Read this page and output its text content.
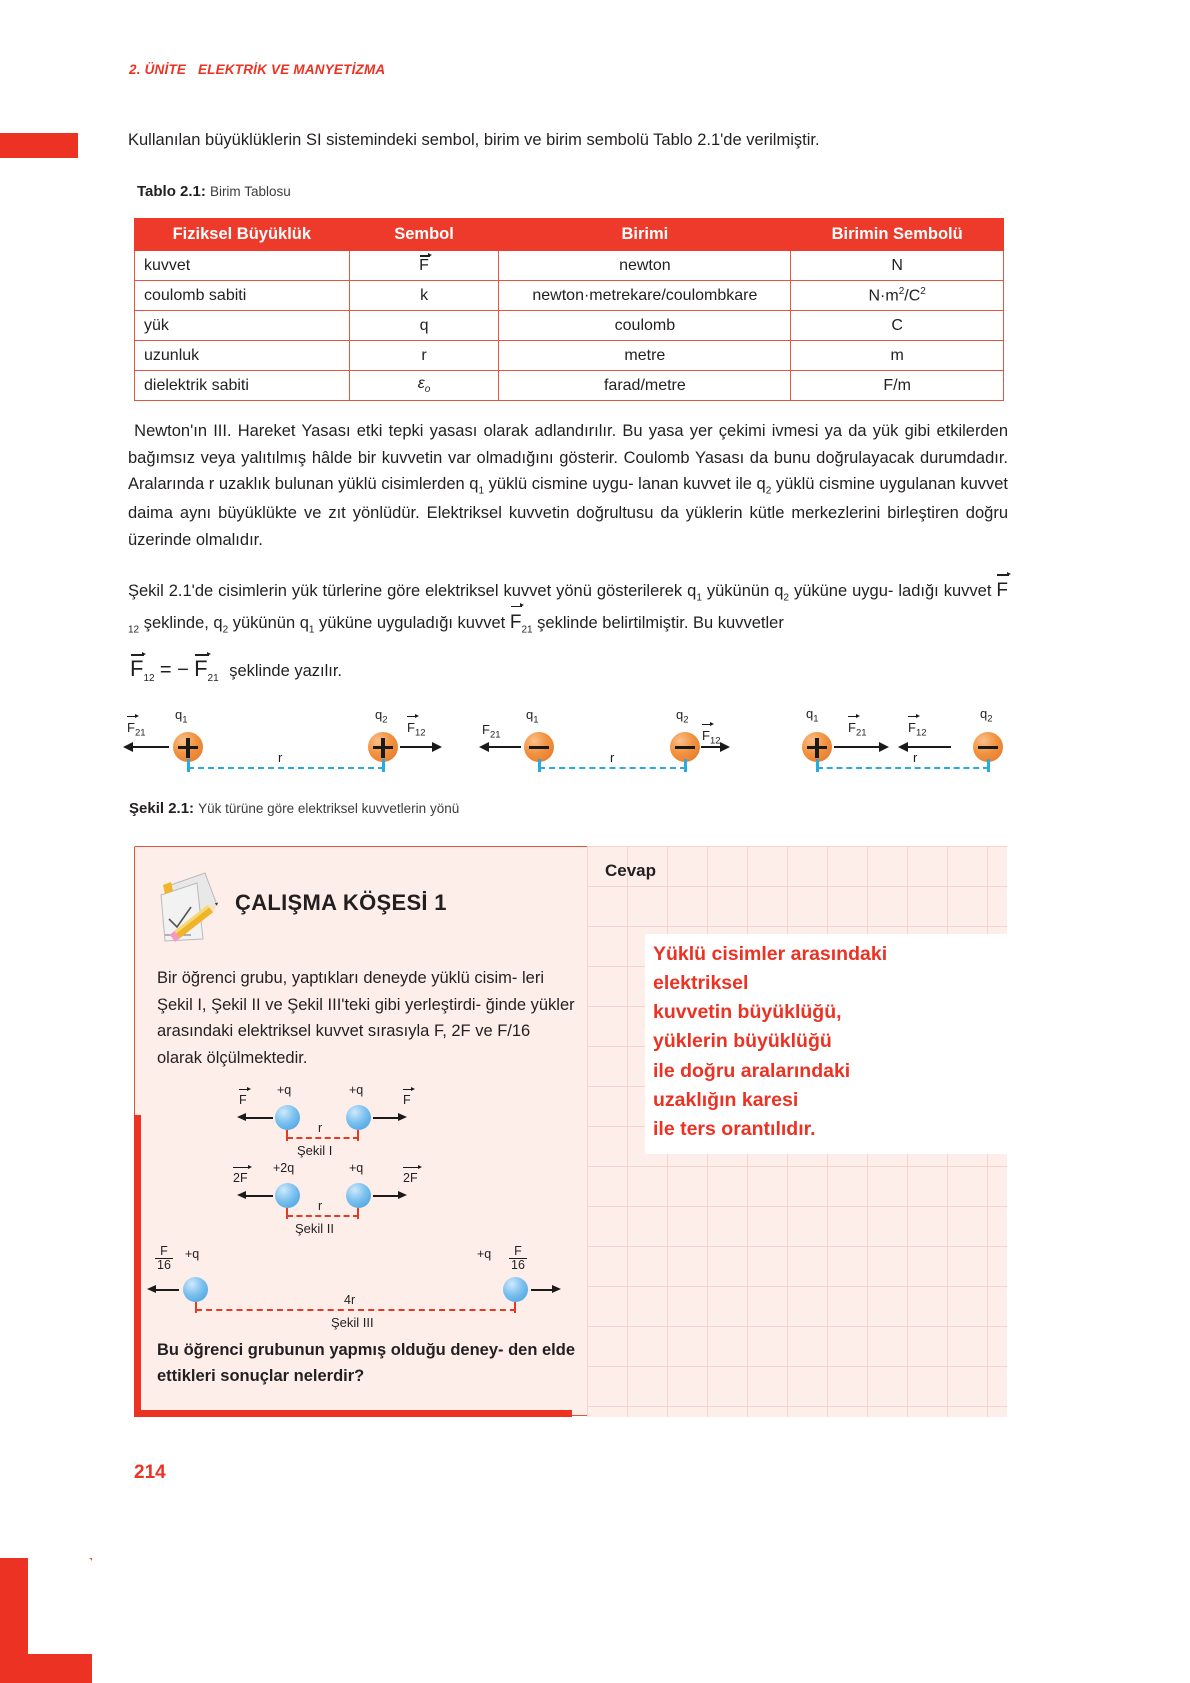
2. ÜNİTE   ELEKTRİK VE MANYETİZMA
Kullanılan büyüklüklerin SI sistemindeki sembol, birim ve birim sembolü Tablo 2.1'de verilmiştir.
Tablo 2.1: Birim Tablosu
Fiziksel Büyüklük	Sembol	Birimi	Birimin Sembolü
kuvvet	F	newton	N
coulomb sabiti	k	newton·metrekare/coulombkare	$N\cdot m^2/C^2$
yük	q	coulomb	C
uzunluk	r	metre	m
dielektrik sabiti	$\varepsilon_o$	farad/metre	F/m
Newton'ın III. Hareket Yasası etki tepki yasası olarak adlandırılır. Bu yasa yer çekimi ivmesi ya da yük gibi etkilerden bağımsız veya yalıtılmış hâlde bir kuvvetin var olmadığını gösterir. Coulomb Yasası da bunu doğrulayacak durumdadır. Aralarında r uzaklık bulunan yüklü cisimlerden $q_1$ yüklü cismine uygu- lanan kuvvet ile $q_2$ yüklü cismine uygulanan kuvvet daima aynı büyüklükte ve zıt yönlüdür. Elektriksel kuvvetin doğrultusu da yüklerin kütle merkezlerini birleştiren doğru üzerinde olmalıdır.
Şekil 2.1'de cisimlerin yük türlerine göre elektriksel kuvvet yönü gösterilerek $q_1$ yükünün $q_2$ yüküne uygu- ladığı kuvvet $F_{12}$ şeklinde, $q_2$ yükünün $q_1$ yüküne uyguladığı kuvvet $F_{21}$ şeklinde belirtilmiştir. Bu kuvvetler
$F_{12}$ = − $F_{21}$ şeklinde yazılır.
$F_{21}$
$q_1$	$q_2$ $F_{12}$
r
$F_{21}$
$q_1$	$q_2$
$F_{12}$
r
$q_1$
$F_{21}$	$F_{12}$
$q_2$
r
Şekil 2.1: Yük türüne göre elektriksel kuvvetlerin yönü
ÇALIŞMA KÖŞESİ 1
Bir öğrenci grubu, yaptıkları deneyde yüklü cisim- leri Şekil I, Şekil II ve Şekil III'teki gibi yerleştirdi- ğinde yükler arasındaki elektriksel kuvvet sırasıyla F, 2F ve F/16 olarak ölçülmektedir.
F
+q	+q
F
r
Şekil I
2F
+2q	+q
2F
r
Şekil II
$\frac{F}{16} +q$	$+q \frac{F}{16}$
4r
Şekil III
Bu öğrenci grubunun yapmış olduğu deney- den elde ettikleri sonuçlar nelerdir?
Cevap
Yüklü cisimler arasındaki
elektriksel
kuvvetin büyüklüğü,
yüklerin büyüklüğü
ile doğru aralarındaki
uzaklığın karesi
ile ters orantılıdır.
214
